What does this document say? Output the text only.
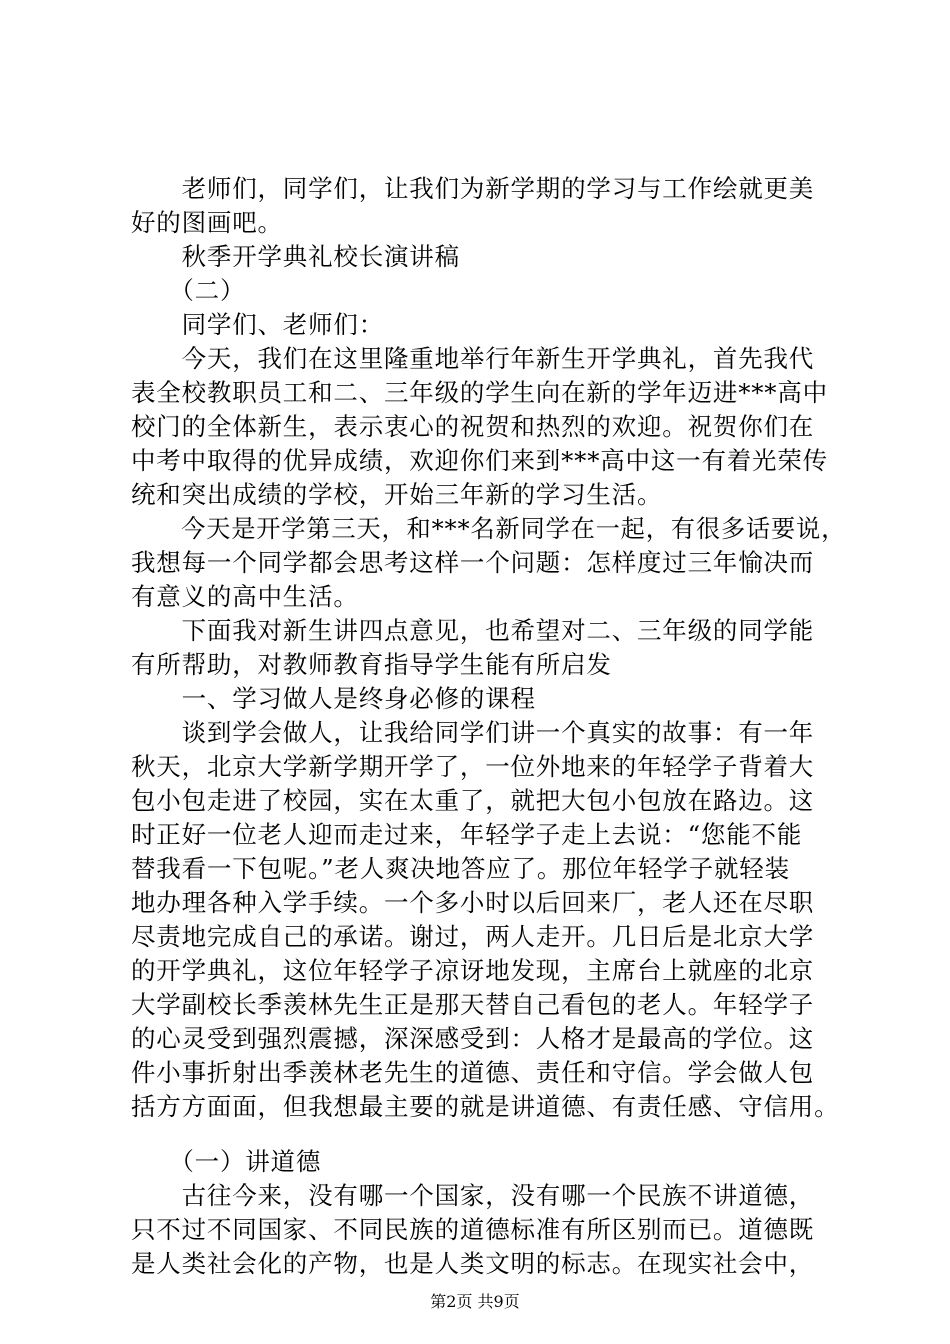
　　老师们，同学们，让我们为新学期的学习与工作绘就更美
好的图画吧。
　　秋季开学典礼校长演讲稿
　　（二）
　　同学们、老师们：
　　今天，我们在这里隆重地举行年新生开学典礼，首先我代
表全校教职员工和二、三年级的学生向在新的学年迈进***高中
校门的全体新生，表示衷心的祝贺和热烈的欢迎。祝贺你们在
中考中取得的优异成绩，欢迎你们来到***高中这一有着光荣传
统和突出成绩的学校，开始三年新的学习生活。
　　今天是开学第三天，和***名新同学在一起，有很多话要说，
我想每一个同学都会思考这样一个问题：怎样度过三年愉决而
有意义的高中生活。
　　下面我对新生讲四点意见，也希望对二、三年级的同学能
有所帮助，对教师教育指导学生能有所启发
　　一、学习做人是终身必修的课程
　　谈到学会做人，让我给同学们讲一个真实的故事：有一年
秋天，北京大学新学期开学了，一位外地来的年轻学子背着大
包小包走进了校园，实在太重了，就把大包小包放在路边。这
时正好一位老人迎而走过来，年轻学子走上去说：“您能不能
替我看一下包呢。”老人爽决地答应了。那位年轻学子就轻装
地办理各种入学手续。一个多小时以后回来厂，老人还在尽职
尽责地完成自己的承诺。谢过，两人走开。几日后是北京大学
的开学典礼，这位年轻学子凉讶地发现，主席台上就座的北京
大学副校长季羡林先生正是那天替自己看包的老人。年轻学子
的心灵受到强烈震撼，深深感受到：人格才是最高的学位。这
件小事折射出季羡林老先生的道德、责任和守信。学会做人包
括方方面面，但我想最主要的就是讲道德、有责任感、守信用。
　　（一）讲道德
　　古往今来，没有哪一个国家，没有哪一个民族不讲道德，
只不过不同国家、不同民族的道德标准有所区别而已。道德既
是人类社会化的产物，也是人类文明的标志。在现实社会中，
第2页 共9页
